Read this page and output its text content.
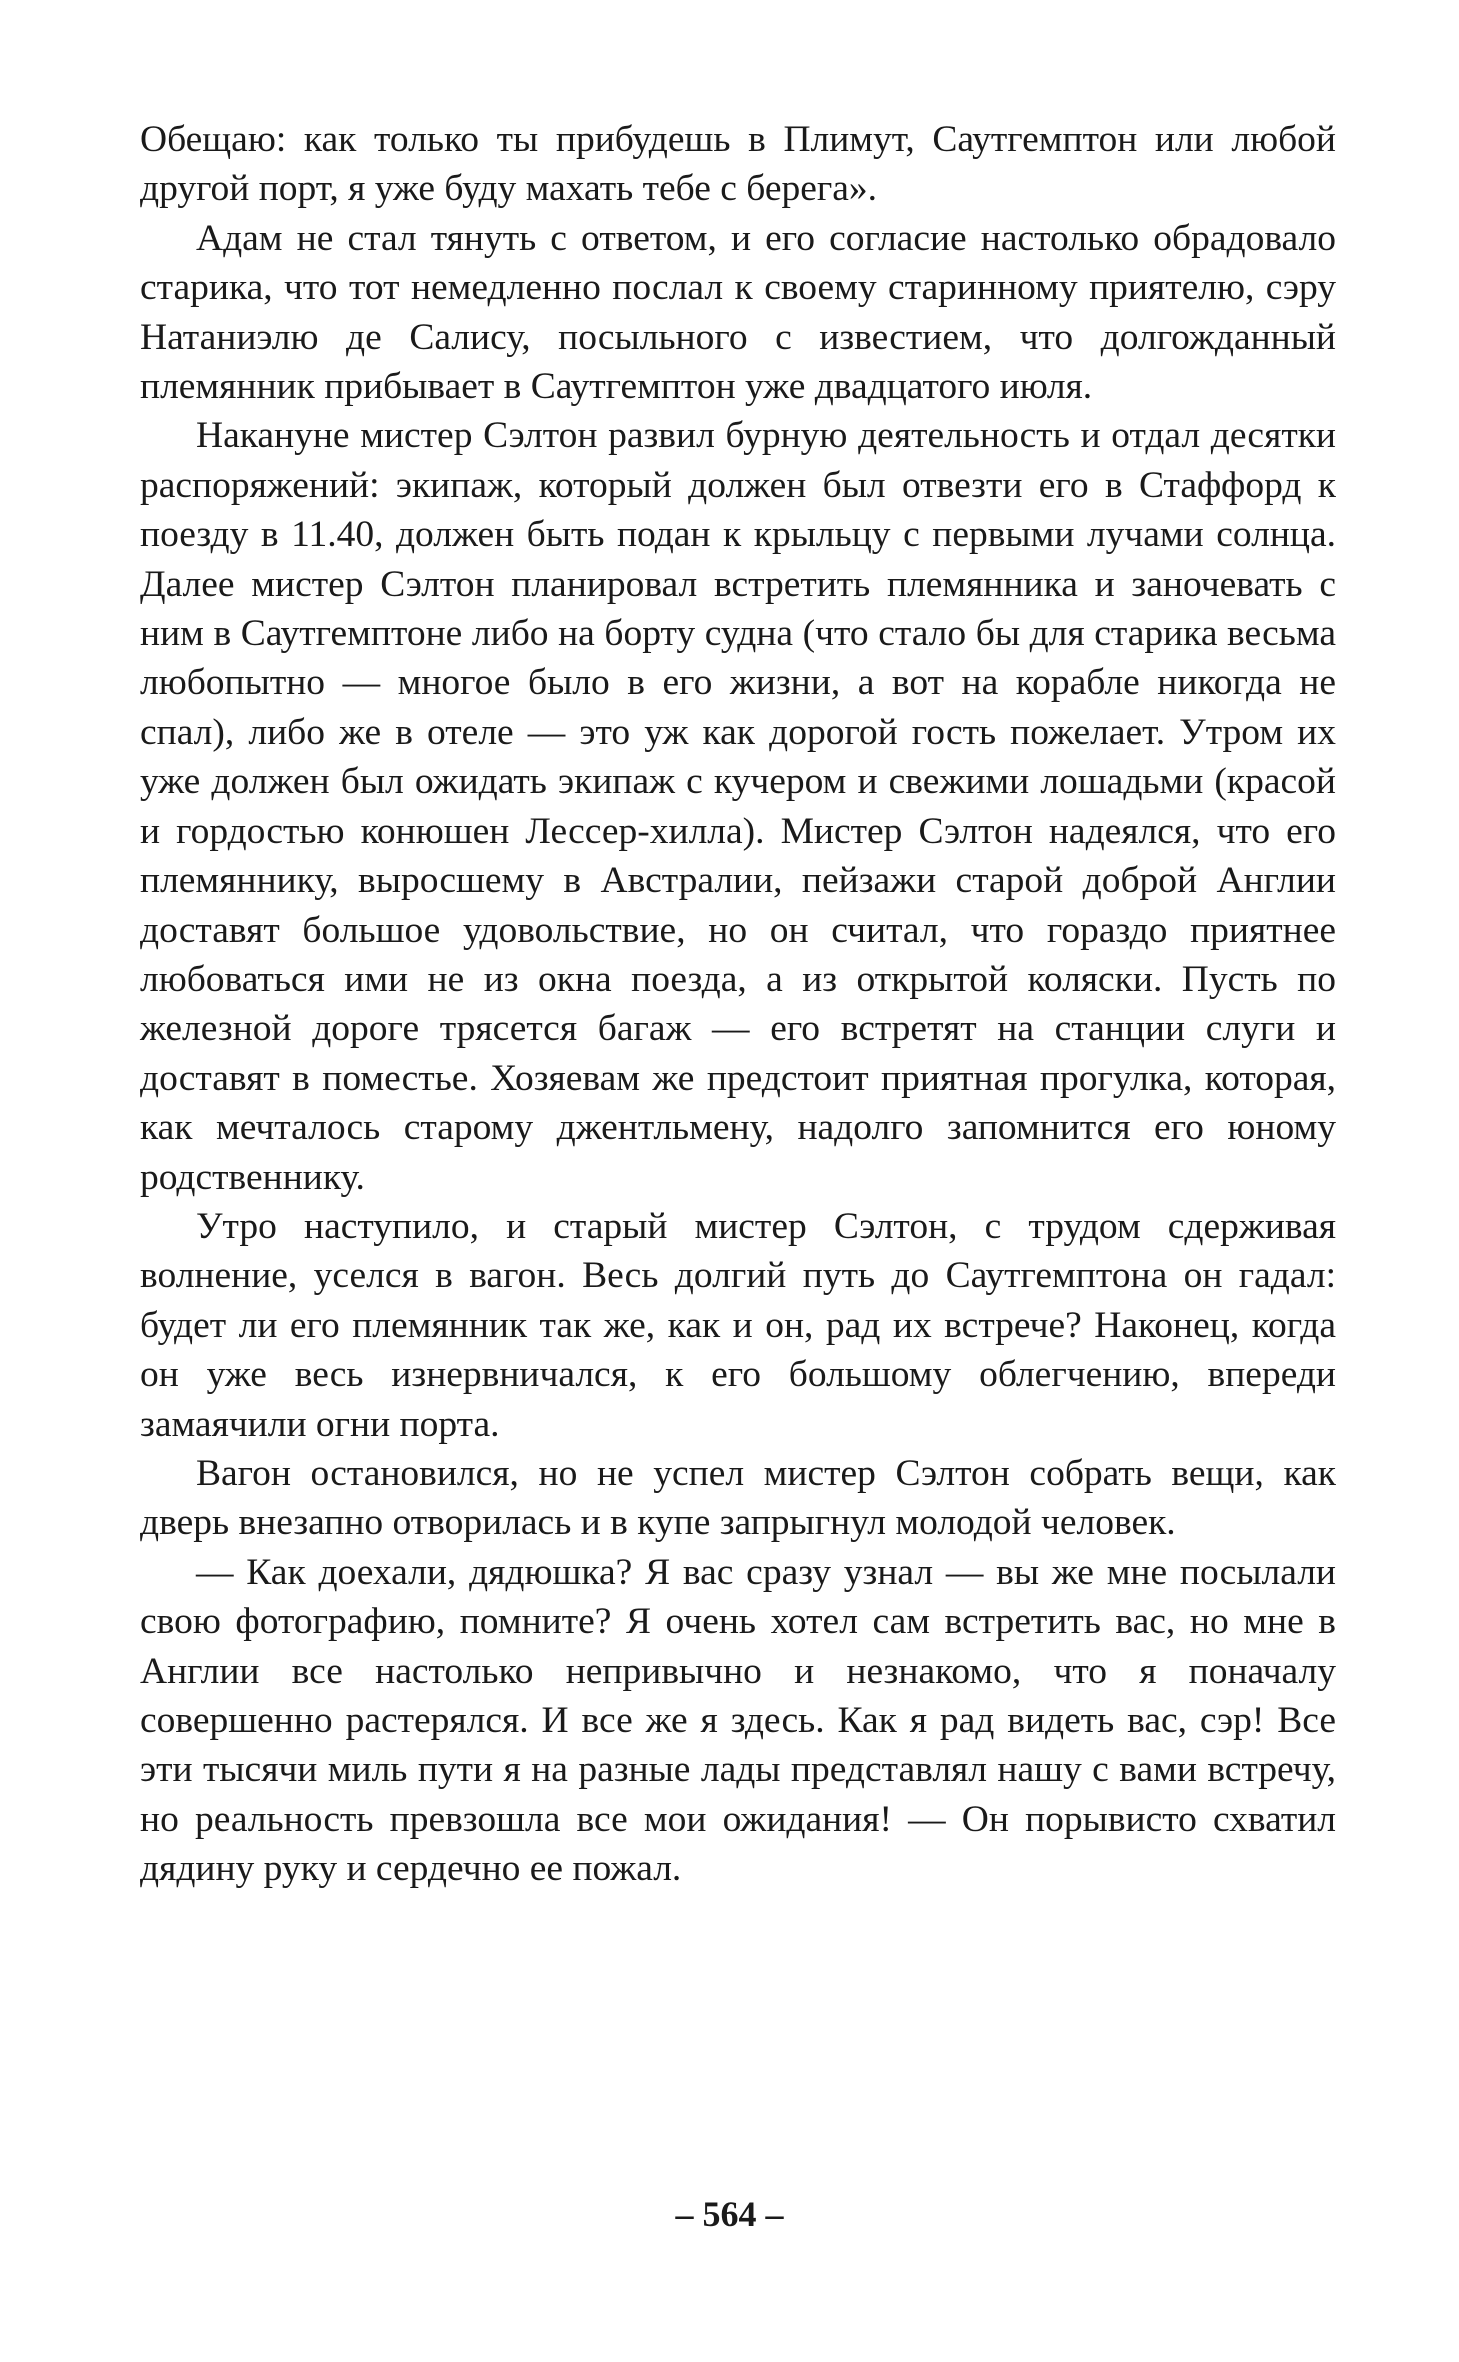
Обещаю: как только ты прибудешь в Плимут, Саутгемптон или любой другой порт, я уже буду махать тебе с берега».

Адам не стал тянуть с ответом, и его согласие настолько обрадовало старика, что тот немедленно послал к своему старинному приятелю, сэру Натаниэлю де Салису, посыльного с известием, что долгожданный племянник прибывает в Саутгемптон уже двадцатого июля.

Накануне мистер Сэлтон развил бурную деятельность и отдал десятки распоряжений: экипаж, который должен был отвезти его в Стаффорд к поезду в 11.40, должен быть подан к крыльцу с первыми лучами солнца. Далее мистер Сэлтон планировал встретить племянника и заночевать с ним в Саутгемптоне либо на борту судна (что стало бы для старика весьма любопытно — многое было в его жизни, а вот на корабле никогда не спал), либо же в отеле — это уж как дорогой гость пожелает. Утром их уже должен был ожидать экипаж с кучером и свежими лошадьми (красой и гордостью конюшен Лессер-хилла). Мистер Сэлтон надеялся, что его племяннику, выросшему в Австралии, пейзажи старой доброй Англии доставят большое удовольствие, но он считал, что гораздо приятнее любоваться ими не из окна поезда, а из открытой коляски. Пусть по железной дороге трясется багаж — его встретят на станции слуги и доставят в поместье. Хозяевам же предстоит приятная прогулка, которая, как мечталось старому джентльмену, надолго запомнится его юному родственнику.

Утро наступило, и старый мистер Сэлтон, с трудом сдерживая волнение, уселся в вагон. Весь долгий путь до Саутгемптона он гадал: будет ли его племянник так же, как и он, рад их встрече? Наконец, когда он уже весь изнервничался, к его большому облегчению, впереди замаячили огни порта.

Вагон остановился, но не успел мистер Сэлтон собрать вещи, как дверь внезапно отворилась и в купе запрыгнул молодой человек.

— Как доехали, дядюшка? Я вас сразу узнал — вы же мне посылали свою фотографию, помните? Я очень хотел сам встретить вас, но мне в Англии все настолько непривычно и незнакомо, что я поначалу совершенно растерялся. И все же я здесь. Как я рад видеть вас, сэр! Все эти тысячи миль пути я на разные лады представлял нашу с вами встречу, но реальность превзошла все мои ожидания! — Он порывисто схватил дядину руку и сердечно ее пожал.

– 564 –
